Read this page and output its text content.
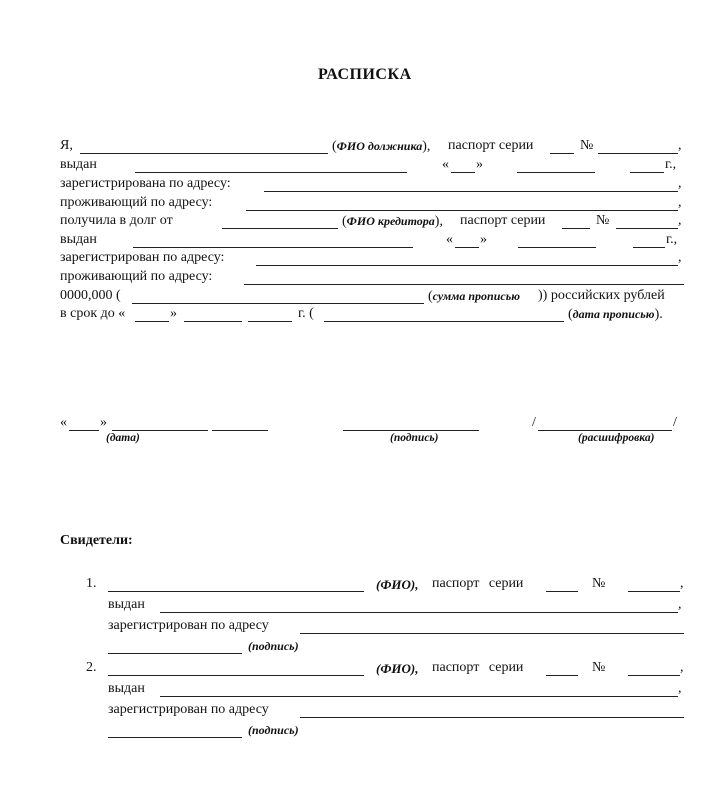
РАСПИСКА
Я,	(ФИО должника), паспорт серии	№	,
выдан	« »	г.,
зарегистрирована по адресу:	,
проживающий по адресу:	,
получила в долг от	(ФИО кредитора), паспорт серии	№	,
выдан	« »	г.,
зарегистрирован по адресу:	,
проживающий по адресу:
0000,000 (	(сумма прописью )) российских рублей
в срок до «	»	г. (	(дата прописью).
« »	/	/
(дата)	(подпись)	(расшифровка)
Свидетели:
1.	(ФИО), паспорт серии	№	,
выдан	,
зарегистрирован по адресу
(подпись)
2.	(ФИО), паспорт серии	№	,
выдан	,
зарегистрирован по адресу
(подпись)
